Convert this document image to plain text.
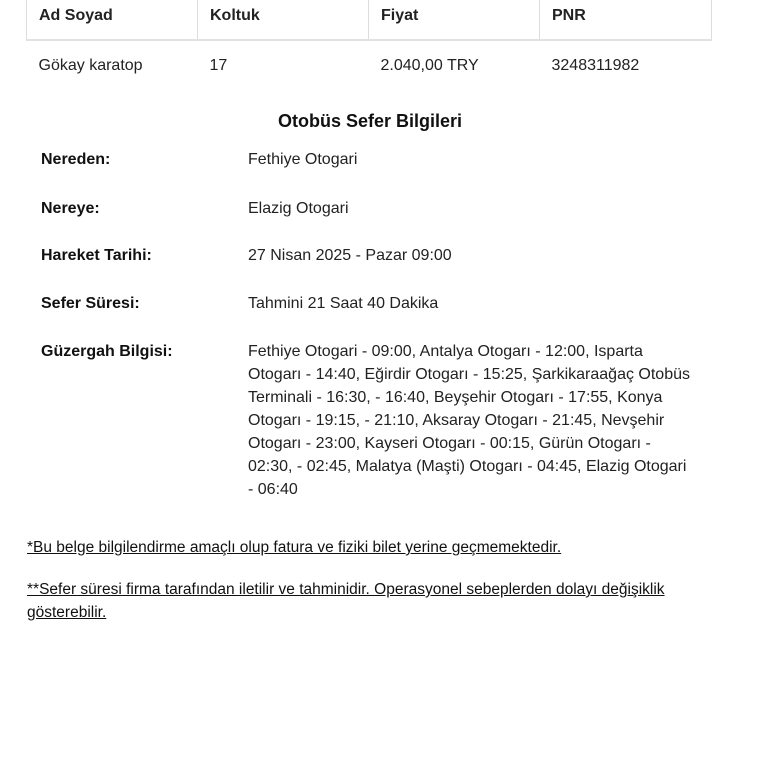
Ad Soyad	Koltuk	Fiyat	PNR
Gökay karatop	17	2.040,00 TRY	3248311982
Otobüs Sefer Bilgileri
Nereden:	Fethiye Otogari
Nereye:	Elazig Otogari
Hareket Tarihi:	27 Nisan 2025 - Pazar 09:00
Sefer Süresi:	Tahmini 21 Saat 40 Dakika
Güzergah Bilgisi:	Fethiye Otogari - 09:00, Antalya Otogarı - 12:00, Isparta Otogarı - 14:40, Eğirdir Otogarı - 15:25, Şarkikaraağaç Otobüs Terminali - 16:30, - 16:40, Beyşehir Otogarı - 17:55, Konya Otogarı - 19:15, - 21:10, Aksaray Otogarı - 21:45, Nevşehir Otogarı - 23:00, Kayseri Otogarı - 00:15, Gürün Otogarı - 02:30, - 02:45, Malatya (Maşti) Otogarı - 04:45, Elazig Otogari - 06:40
*Bu belge bilgilendirme amaçlı olup fatura ve fiziki bilet yerine geçmemektedir.
**Sefer süresi firma tarafından iletilir ve tahminidir. Operasyonel sebeplerden dolayı değişiklik gösterebilir.
